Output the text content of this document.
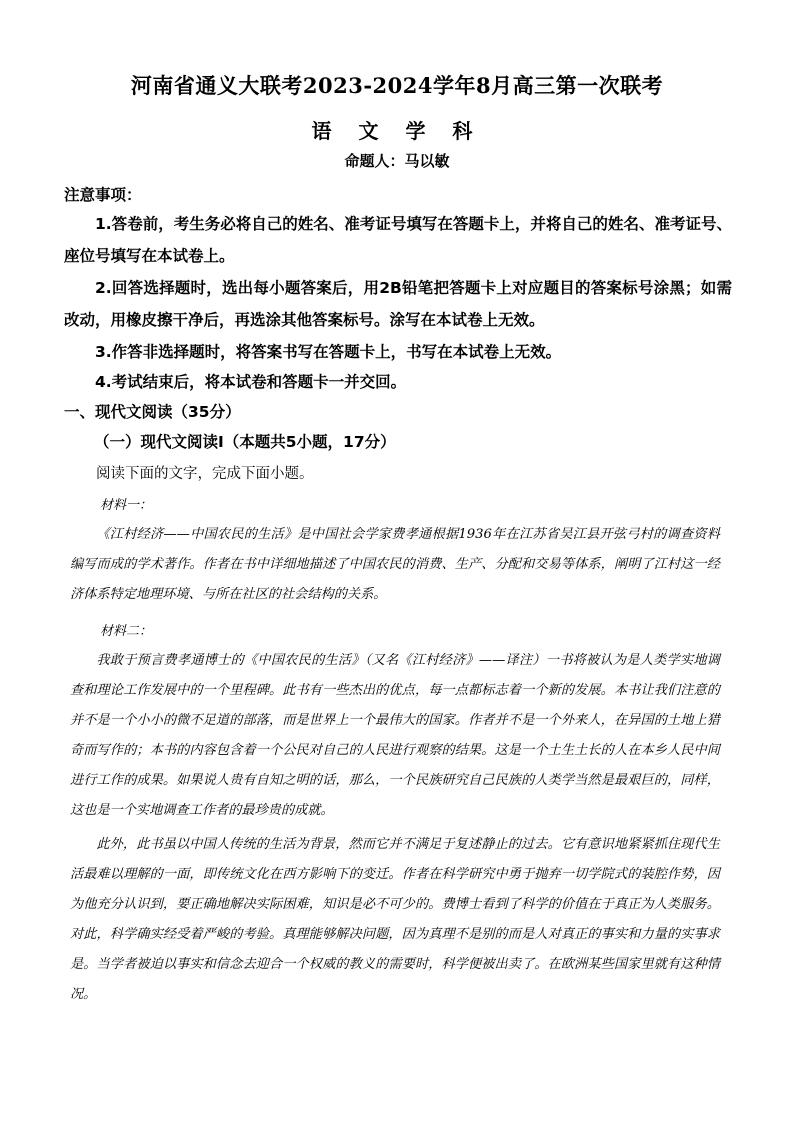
河南省通义大联考2023-2024学年8月高三第一次联考
语 文 学 科
命题人：马以敏
注意事项：
1.答卷前，考生务必将自己的姓名、准考证号填写在答题卡上，并将自己的姓名、准考证号、座位号填写在本试卷上。
2.回答选择题时，选出每小题答案后，用2B铅笔把答题卡上对应题目的答案标号涂黑；如需改动，用橡皮擦干净后，再选涂其他答案标号。涂写在本试卷上无效。
3.作答非选择题时，将答案书写在答题卡上，书写在本试卷上无效。
4.考试结束后，将本试卷和答题卡一并交回。
一、现代文阅读（35分）
（一）现代文阅读Ⅰ（本题共5小题，17分）
阅读下面的文字，完成下面小题。
材料一：
《江村经济——中国农民的生活》是中国社会学家费孝通根据1936年在江苏省吴江县开弦弓村的调查资料编写而成的学术著作。作者在书中详细地描述了中国农民的消费、生产、分配和交易等体系，阐明了江村这一经济体系特定地理环境、与所在社区的社会结构的关系。
材料二：
我敢于预言费孝通博士的《中国农民的生活》（又名《江村经济》——译注）一书将被认为是人类学实地调查和理论工作发展中的一个里程碑。此书有一些杰出的优点，每一点都标志着一个新的发展。本书让我们注意的并不是一个小小的微不足道的部落，而是世界上一个最伟大的国家。作者并不是一个外来人，在异国的土地上猎奇而写作的；本书的内容包含着一个公民对自己的人民进行观察的结果。这是一个土生土长的人在本乡人民中间进行工作的成果。如果说人贵有自知之明的话，那么，一个民族研究自己民族的人类学当然是最艰巨的，同样，这也是一个实地调查工作者的最珍贵的成就。
此外，此书虽以中国人传统的生活为背景，然而它并不满足于复述静止的过去。它有意识地紧紧抓住现代生活最难以理解的一面，即传统文化在西方影响下的变迁。作者在科学研究中勇于抛弃一切学院式的装腔作势，因为他充分认识到，要正确地解决实际困难，知识是必不可少的。费博士看到了科学的价值在于真正为人类服务。对此，科学确实经受着严峻的考验。真理能够解决问题，因为真理不是别的而是人对真正的事实和力量的实事求是。当学者被迫以事实和信念去迎合一个权威的教义的需要时，科学便被出卖了。在欧洲某些国家里就有这种情况。
